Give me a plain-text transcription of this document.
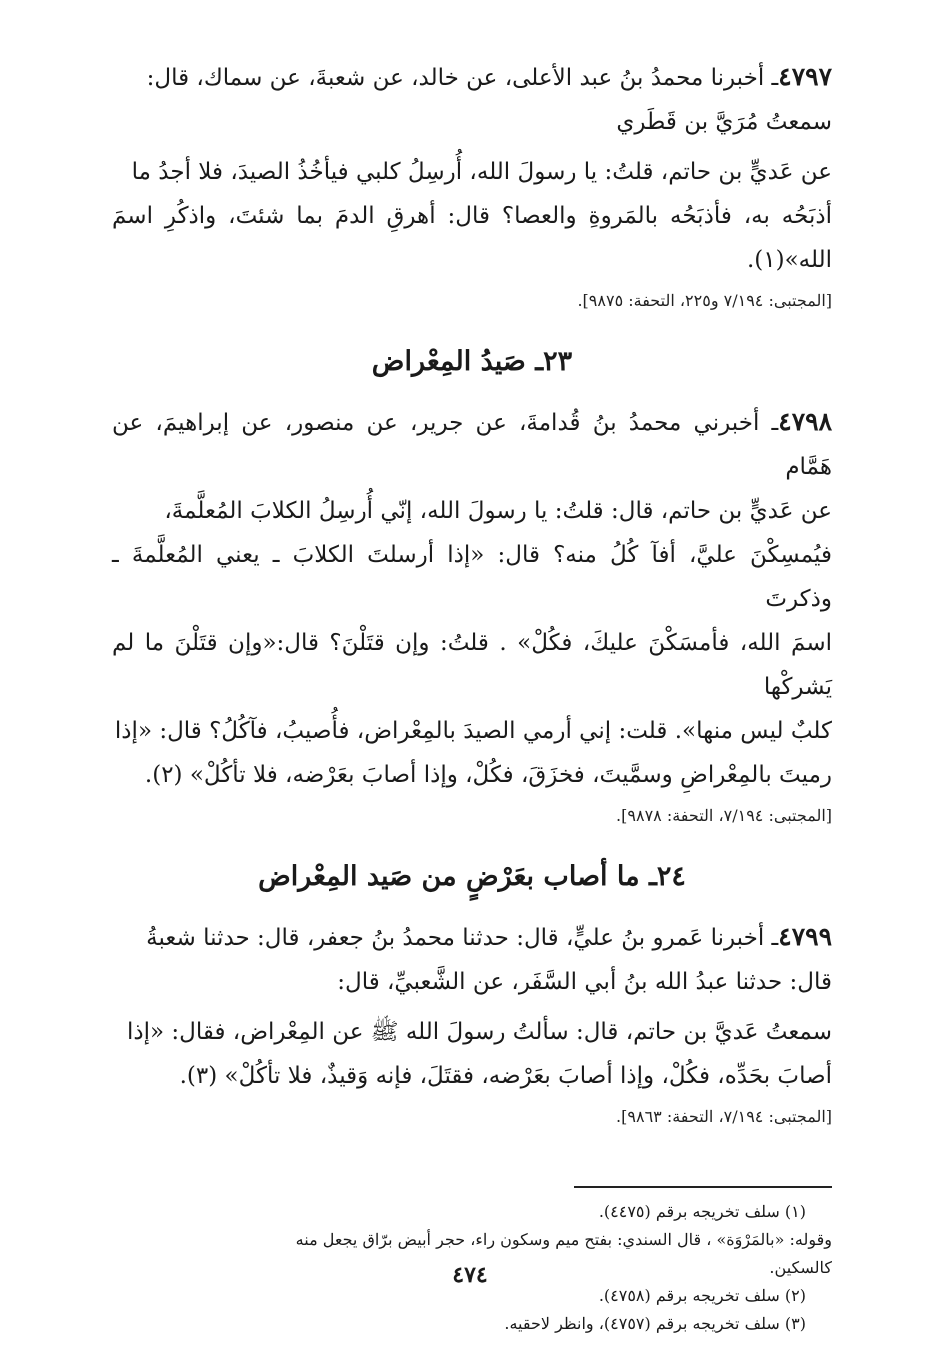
٤٧٩٧ـ أخبرنا محمدُ بنُ عبد الأعلى، عن خالد، عن شعبةَ، عن سماك، قال:
سمعتُ مُرَيَّ بن قَطَري

عن عَديٍّ بن حاتم، قلتُ: يا رسولَ الله، أُرسِلُ كلبي فيأخُذُ الصيدَ، فلا أجدُ ما
أذبَحُه به، فأذبَحُه بالمَروةِ والعصا؟ قال: أهرقِ الدمَ بما شئتَ، واذكُرِ اسمَ الله»(١).

[المجتبى: ٧/١٩٤ و٢٢٥، التحفة: ٩٨٧٥].

٢٣ـ صَيدُ المِعْراض

٤٧٩٨ـ أخبرني محمدُ بنُ قُدامةَ، عن جرير، عن منصور، عن إبراهيمَ، عن هَمَّام
عن عَديٍّ بن حاتم، قال: قلتُ: يا رسولَ الله، إنّي أُرسِلُ الكلابَ المُعلَّمةَ،
فيُمسِكْنَ عليَّ، أفآ كُلُ منه؟ قال: «إذا أرسلتَ الكلابَ ـ يعني المُعلَّمةَ ـ وذكرتَ
اسمَ الله، فأمسَكْنَ عليكَ، فكُلْ» . قلتُ: وإن قتَلْنَ؟ قال:«وإن قتَلْنَ ما لم يَشركْها
كلبٌ ليس منها». قلت: إني أرمي الصيدَ بالمِعْراض، فأُصيبُ، فآكُلُ؟ قال: «إذا
رميتَ بالمِعْراضِ وسمَّيتَ، فخزَقَ، فكُلْ، وإذا أصابَ بعَرْضه، فلا تأكُلْ» (٢).

[المجتبى: ٧/١٩٤، التحفة: ٩٨٧٨].

٢٤ـ ما أصاب بعَرْضٍ من صَيد المِعْراض

٤٧٩٩ـ أخبرنا عَمرو بنُ عليٍّ، قال: حدثنا محمدُ بنُ جعفر، قال: حدثنا شعبةُ
قال: حدثنا عبدُ الله بنُ أبي السَّفَر، عن الشَّعبيِّ، قال:

سمعتُ عَديَّ بن حاتم، قال: سألتُ رسولَ الله ﷺ عن المِعْراض، فقال: «إذا
أصابَ بحَدِّه، فكُلْ، وإذا أصابَ بعَرْضه، فقتَلَ، فإنه وَقيذٌ، فلا تأكُلْ» (٣).

[المجتبى: ٧/١٩٤، التحفة: ٩٨٦٣].

(١) سلف تخريجه برقم (٤٤٧٥).

وقوله: «بالمَرْوَة» ، قال السندي: بفتح ميم وسكون راء، حجر أبيض برّاق يجعل منه

كالسكين.

(٢) سلف تخريجه برقم (٤٧٥٨).

(٣) سلف تخريجه برقم (٤٧٥٧)، وانظر لاحقيه.

٤٧٤
